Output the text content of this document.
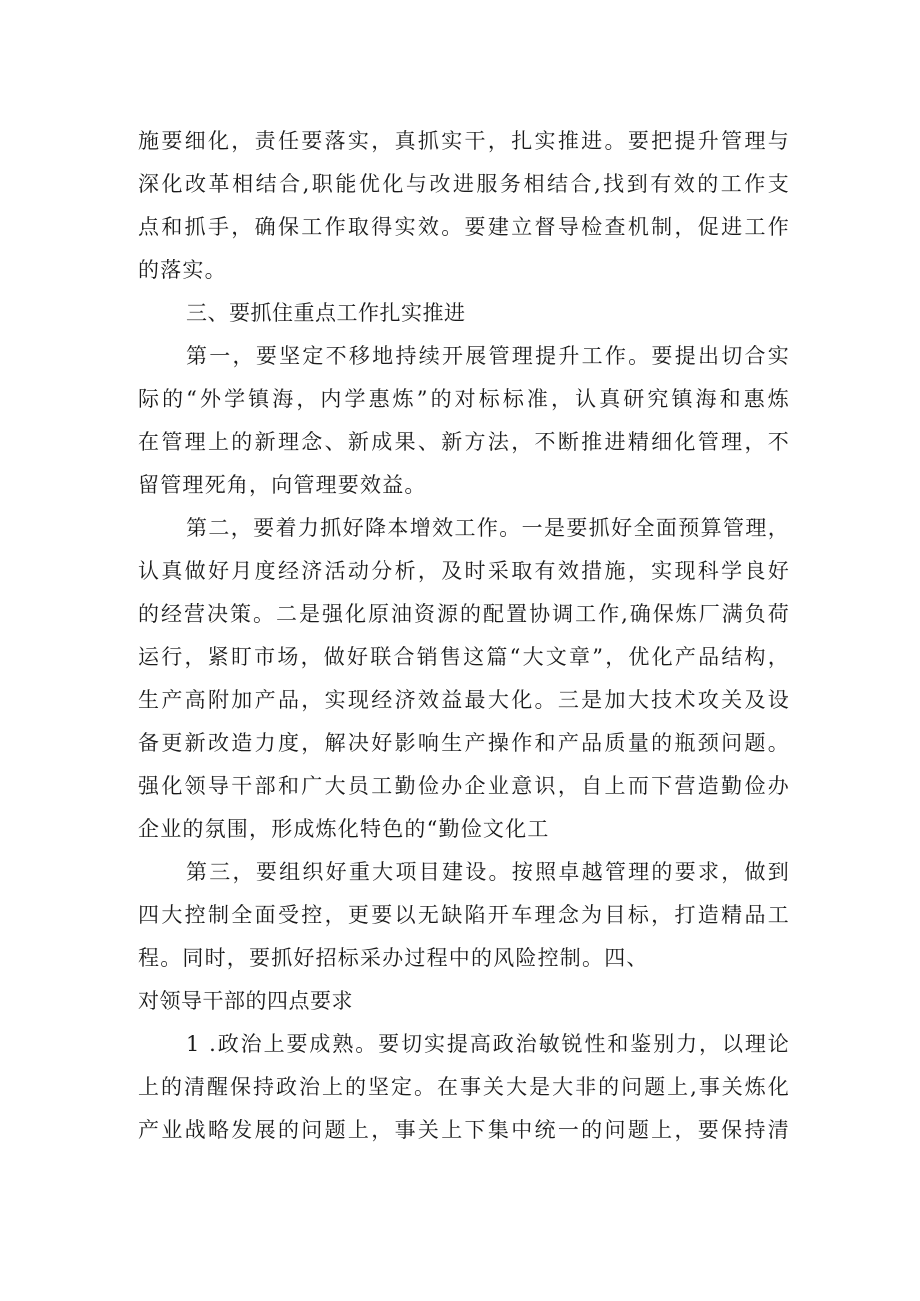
施要细化，责任要落实，真抓实干，扎实推进。要把提升管理与
深化改革相结合,职能优化与改进服务相结合,找到有效的工作支
点和抓手，确保工作取得实效。要建立督导检查机制，促进工作
的落实。
三、要抓住重点工作扎实推进
第一，要坚定不移地持续开展管理提升工作。要提出切合实
际的“外学镇海，内学惠炼”的对标标准，认真研究镇海和惠炼
在管理上的新理念、新成果、新方法，不断推进精细化管理，不
留管理死角，向管理要效益。
第二，要着力抓好降本增效工作。一是要抓好全面预算管理，
认真做好月度经济活动分析，及时采取有效措施，实现科学良好
的经营决策。二是强化原油资源的配置协调工作,确保炼厂满负荷
运行，紧盯市场，做好联合销售这篇“大文章”，优化产品结构，
生产高附加产品，实现经济效益最大化。三是加大技术攻关及设
备更新改造力度，解决好影响生产操作和产品质量的瓶颈问题。
强化领导干部和广大员工勤俭办企业意识，自上而下营造勤俭办
企业的氛围，形成炼化特色的“勤俭文化工
第三，要组织好重大项目建设。按照卓越管理的要求，做到
四大控制全面受控，更要以无缺陷开车理念为目标，打造精品工
程。同时，要抓好招标采办过程中的风险控制。四、
对领导干部的四点要求
1 .政治上要成熟。要切实提高政治敏锐性和鉴别力，以理论
上的清醒保持政治上的坚定。在事关大是大非的问题上,事关炼化
产业战略发展的问题上，事关上下集中统一的问题上，要保持清
